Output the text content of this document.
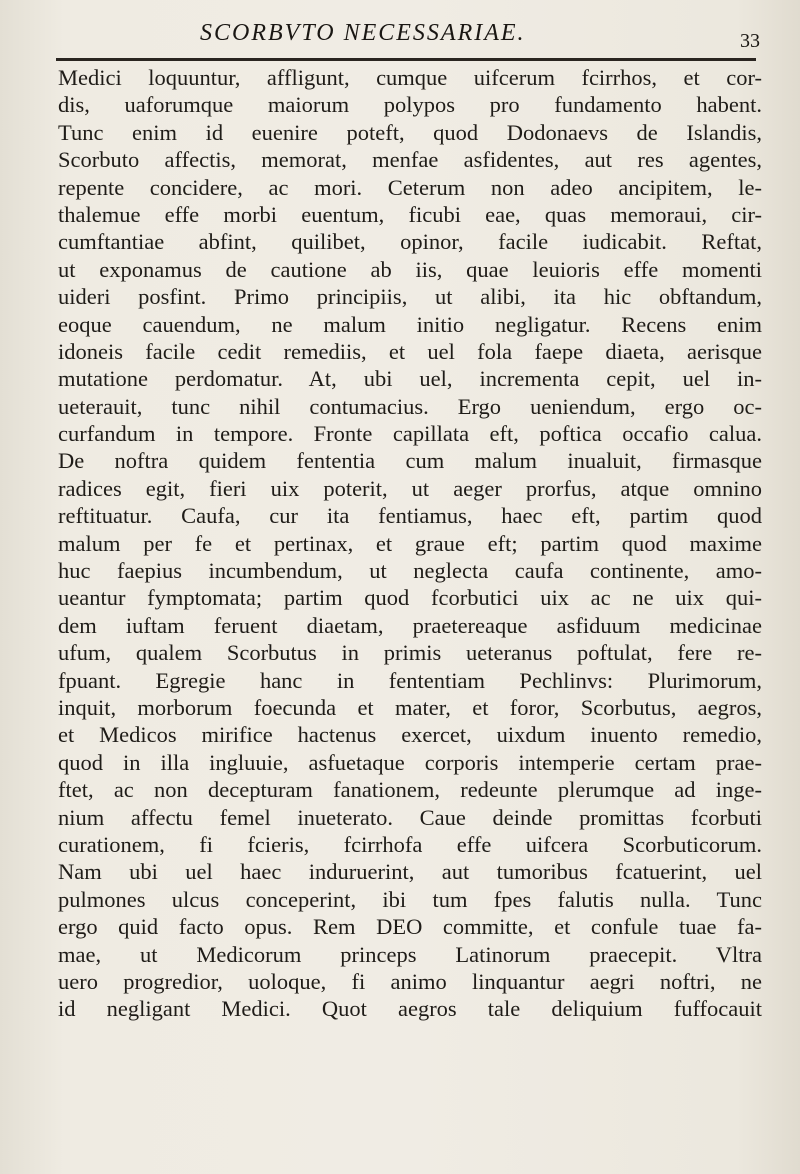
SCORBVTO NECESSARIAE.	33
Medici loquuntur, affligunt, cumque uifcerum fcirrhos, et cor-
dis, uaforumque maiorum polypos pro fundamento habent.
Tunc enim id euenire poteft, quod Dodonaevs de Islandis,
Scorbuto affectis, memorat, menfae asfidentes, aut res agentes,
repente concidere, ac mori. Ceterum non adeo ancipitem, le-
thalemue effe morbi euentum, ficubi eae, quas memoraui, cir-
cumftantiae abfint, quilibet, opinor, facile iudicabit. Reftat,
ut exponamus de cautione ab iis, quae leuioris effe momenti
uideri posfint. Primo principiis, ut alibi, ita hic obftandum,
eoque cauendum, ne malum initio negligatur. Recens enim
idoneis facile cedit remediis, et uel fola faepe diaeta, aerisque
mutatione perdomatur. At, ubi uel, incrementa cepit, uel in-
ueterauit, tunc nihil contumacius. Ergo ueniendum, ergo oc-
curfandum in tempore. Fronte capillata eft, poftica occafio calua.
De noftra quidem fententia cum malum inualuit, firmasque
radices egit, fieri uix poterit, ut aeger prorfus, atque omnino
reftituatur. Caufa, cur ita fentiamus, haec eft, partim quod
malum per fe et pertinax, et graue eft; partim quod maxime
huc faepius incumbendum, ut neglecta caufa continente, amo-
ueantur fymptomata; partim quod fcorbutici uix ac ne uix qui-
dem iuftam feruent diaetam, praetereaque asfiduum medicinae
ufum, qualem Scorbutus in primis ueteranus poftulat, fere re-
fpuant. Egregie hanc in fententiam Pechlinvs: Plurimorum,
inquit, morborum foecunda et mater, et foror, Scorbutus, aegros,
et Medicos mirifice hactenus exercet, uixdum inuento remedio,
quod in illa ingluuie, asfuetaque corporis intemperie certam prae-
ftet, ac non decepturam fanationem, redeunte plerumque ad inge-
nium affectu femel inueterato. Caue deinde promittas fcorbuti
curationem, fi fcieris, fcirrhofa effe uifcera Scorbuticorum.
Nam ubi uel haec induruerint, aut tumoribus fcatuerint, uel
pulmones ulcus conceperint, ibi tum fpes falutis nulla. Tunc
ergo quid facto opus. Rem DEO committe, et confule tuae fa-
mae, ut Medicorum princeps Latinorum praecepit. Vltra
uero progredior, uoloque, fi animo linquantur aegri noftri, ne
id negligant Medici. Quot aegros tale deliquium fuffocauit
